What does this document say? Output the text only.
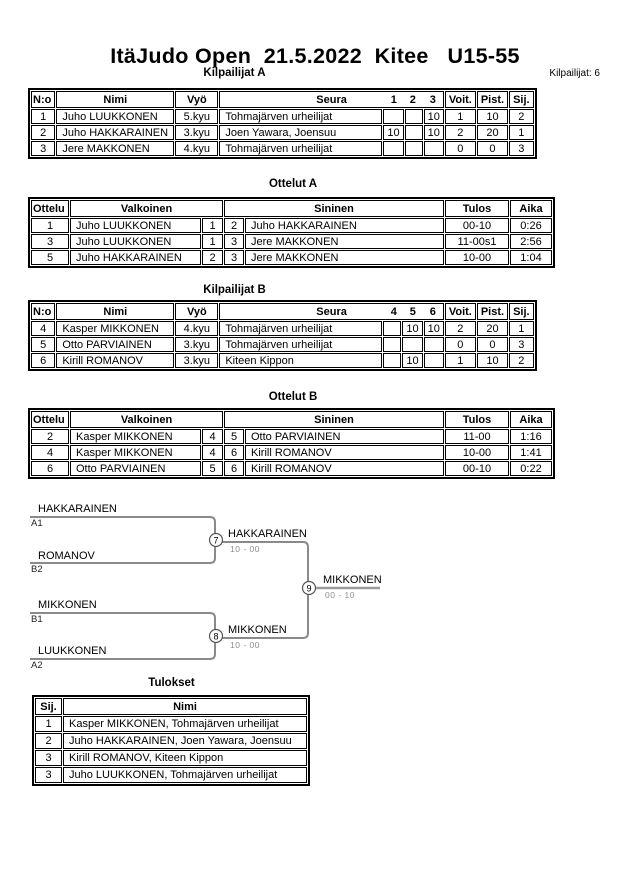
ItäJudo Open  21.5.2022  Kitee   U15-55
Kilpailijat: 6
Kilpailijat A
N:o	Nimi	Vyö	Seura 1 2 3				Voit.	Pist.	Sij.
1	Juho LUUKKONEN	5.kyu	Tohmajärven urheilijat			10	1	10	2
2	Juho HAKKARAINEN	3.kyu	Joen Yawara, Joensuu	10		10	2	20	1
3	Jere MAKKONEN	4.kyu	Tohmajärven urheilijat				0	0	3
Ottelut A
Ottelu	Valkoinen		Sininen		Tulos	Aika
1	Juho LUUKKONEN	1	2	Juho HAKKARAINEN	00-10	0:26
3	Juho LUUKKONEN	1	3	Jere MAKKONEN	11-00s1	2:56
5	Juho HAKKARAINEN	2	3	Jere MAKKONEN	10-00	1:04
Kilpailijat B
N:o	Nimi	Vyö	Seura 4 5 6				Voit.	Pist.	Sij.
4	Kasper MIKKONEN	4.kyu	Tohmajärven urheilijat		10	10	2	20	1
5	Otto PARVIAINEN	3.kyu	Tohmajärven urheilijat				0	0	3
6	Kirill ROMANOV	3.kyu	Kiteen Kippon		10		1	10	2
Ottelut B
Ottelu	Valkoinen		Sininen		Tulos	Aika
2	Kasper MIKKONEN	4	5	Otto PARVIAINEN	11-00	1:16
4	Kasper MIKKONEN	4	6	Kirill ROMANOV	10-00	1:41
6	Otto PARVIAINEN	5	6	Kirill ROMANOV	00-10	0:22
7
8
9
HAKKARAINEN
A1
ROMANOV
B2
HAKKARAINEN
10 - 00
MIKKONEN
B1
LUUKKONEN
A2
MIKKONEN
10 - 00
MIKKONEN
00 - 10
Tulokset
Sij.	Nimi
1	Kasper MIKKONEN, Tohmajärven urheilijat
2	Juho HAKKARAINEN, Joen Yawara, Joensuu
3	Kirill ROMANOV, Kiteen Kippon
3	Juho LUUKKONEN, Tohmajärven urheilijat
